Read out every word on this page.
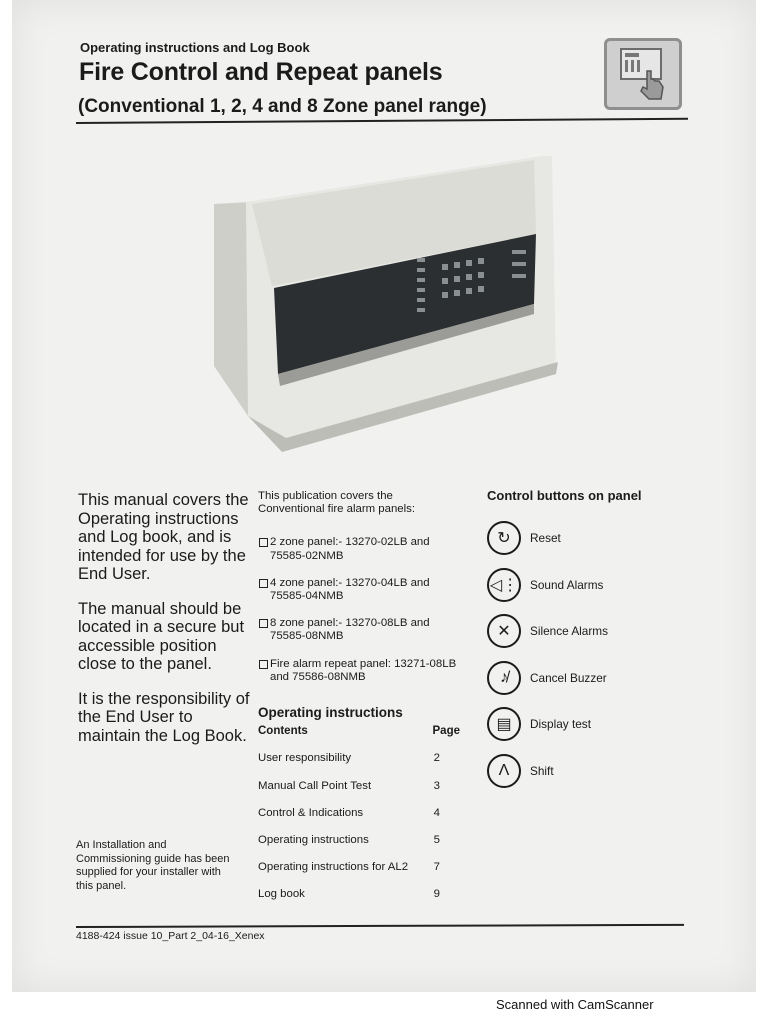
Operating instructions and Log Book
Fire Control and Repeat panels
(Conventional 1, 2, 4 and 8 Zone panel range)

This manual covers the Operating instructions and Log book, and is intended for use by the End User.

The manual should be located in a secure but accessible position close to the panel.

It is the responsibility of the End User to maintain the Log Book.

An Installation and Commissioning guide has been supplied for your installer with this panel.
This publication covers the Conventional fire alarm panels:
2 zone panel:- 13270-02LB and 75585-02NMB
4 zone panel:- 13270-04LB and 75585-04NMB
8 zone panel:- 13270-08LB and 75585-08NMB
Fire alarm repeat panel: 13271-08LB and 75586-08NMB
Operating instructions
Contents	Page
User responsibility	2
Manual Call Point Test	3
Control & Indications	4
Operating instructions	5
Operating instructions for AL2 7
Log book	9
Control buttons on panel
↻	Reset
◁⋮ Sound Alarms
✕	Silence Alarms
♪̸	Cancel Buzzer
▤	Display test
Λ	Shift
4188-424 issue 10_Part 2_04-16_Xenex
Scanned with CamScanner
